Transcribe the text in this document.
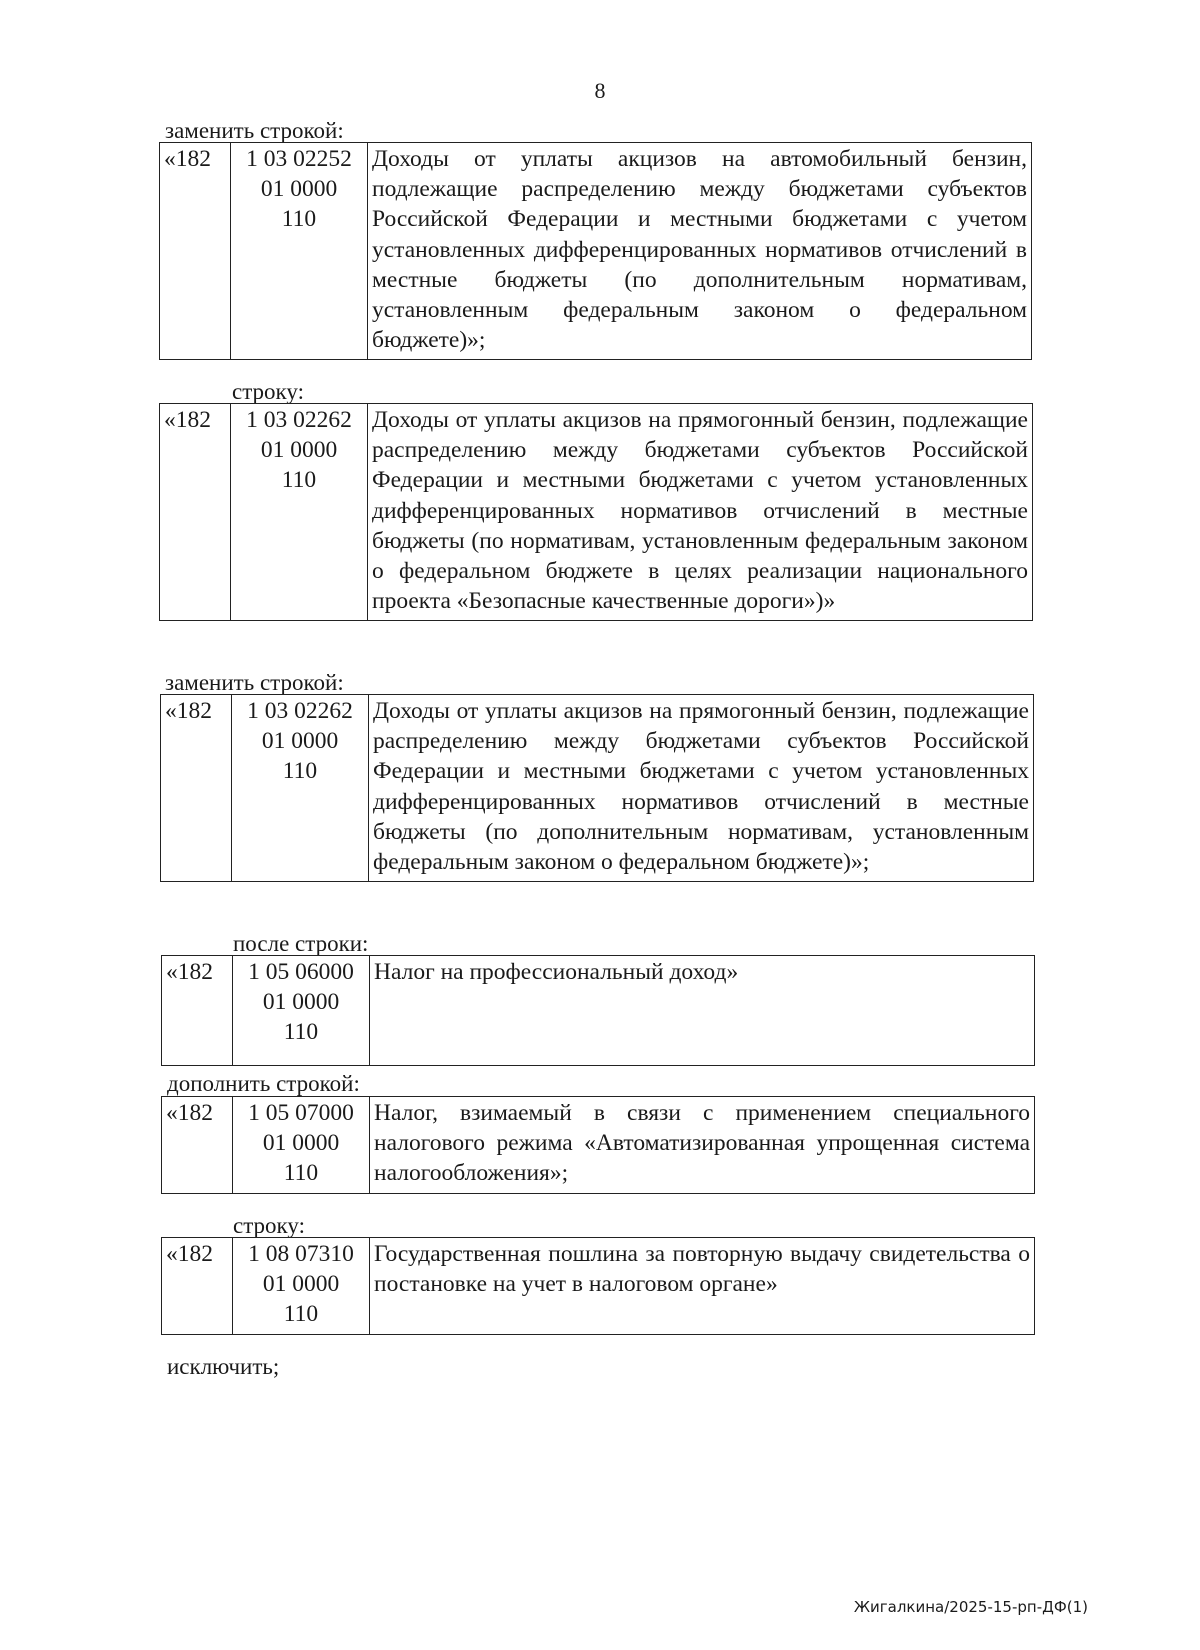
8
заменить строкой:
«182	1 03 02252
01 0000
110
	Доходы от уплаты акцизов на автомобильный бензин, подлежащие распределению между бюджетами субъектов Российской Федерации и местными бюджетами с учетом установленных дифференцированных нормативов отчислений в местные бюджеты (по дополнительным нормативам, установленным федеральным законом о федеральном бюджете)»;
строку:
«182	1 03 02262
01 0000
110
	Доходы от уплаты акцизов на прямогонный бензин, подлежащие распределению между бюджетами субъектов Российской Федерации и местными бюджетами с учетом установленных дифференцированных нормативов отчислений в местные бюджеты (по нормативам, установленным федеральным законом о федеральном бюджете в целях реализации национального проекта «Безопасные качественные дороги»)»
заменить строкой:
«182	1 03 02262
01 0000
110
	Доходы от уплаты акцизов на прямогонный бензин, подлежащие распределению между бюджетами субъектов Российской Федерации и местными бюджетами с учетом установленных дифференцированных нормативов отчислений в местные бюджеты (по дополнительным нормативам, установленным федеральным законом о федеральном бюджете)»;
после строки:
«182	1 05 06000
01 0000
110
	Налог на профессиональный доход»
дополнить строкой:
«182	1 05 07000
01 0000
110
	Налог, взимаемый в связи с применением специального налогового режима «Автоматизированная упрощенная система налогообложения»;
строку:
«182	1 08 07310
01 0000
110
	Государственная пошлина за повторную выдачу свидетельства о постановке на учет в налоговом органе»
исключить;
Жигалкина/2025-15-рп-ДФ(1)
